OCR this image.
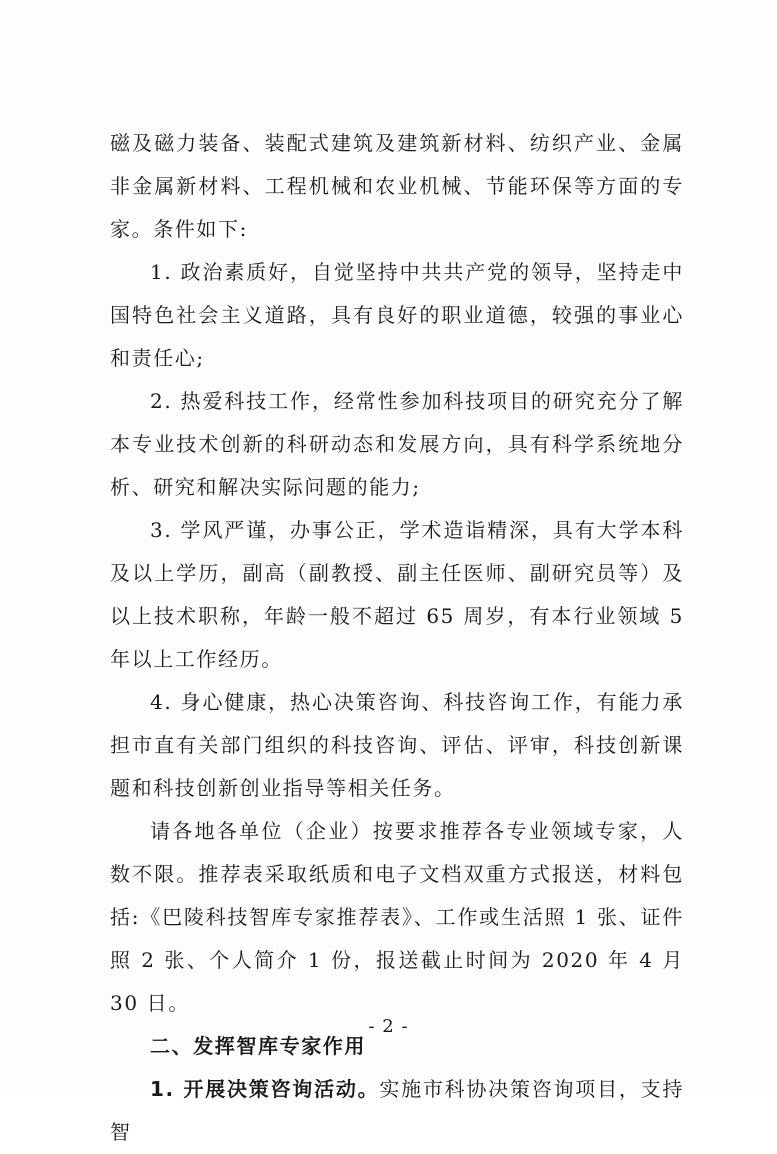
磁及磁力装备、装配式建筑及建筑新材料、纺织产业、金属非金属新材料、工程机械和农业机械、节能环保等方面的专家。条件如下:

1. 政治素质好，自觉坚持中共共产党的领导，坚持走中国特色社会主义道路，具有良好的职业道德，较强的事业心和责任心;

2. 热爱科技工作，经常性参加科技项目的研究充分了解本专业技术创新的科研动态和发展方向，具有科学系统地分析、研究和解决实际问题的能力;

3. 学风严谨，办事公正，学术造诣精深，具有大学本科及以上学历，副高（副教授、副主任医师、副研究员等）及以上技术职称，年龄一般不超过 65 周岁，有本行业领域 5 年以上工作经历。

4. 身心健康，热心决策咨询、科技咨询工作，有能力承担市直有关部门组织的科技咨询、评估、评审，科技创新课题和科技创新创业指导等相关任务。

请各地各单位（企业）按要求推荐各专业领域专家，人数不限。推荐表采取纸质和电子文档双重方式报送，材料包括:《巴陵科技智库专家推荐表》、工作或生活照 1 张、证件照 2 张、个人简介 1 份，报送截止时间为 2020 年 4 月 30 日。

二、发挥智库专家作用

1. 开展决策咨询活动。实施市科协决策咨询项目，支持智

- 2 -
